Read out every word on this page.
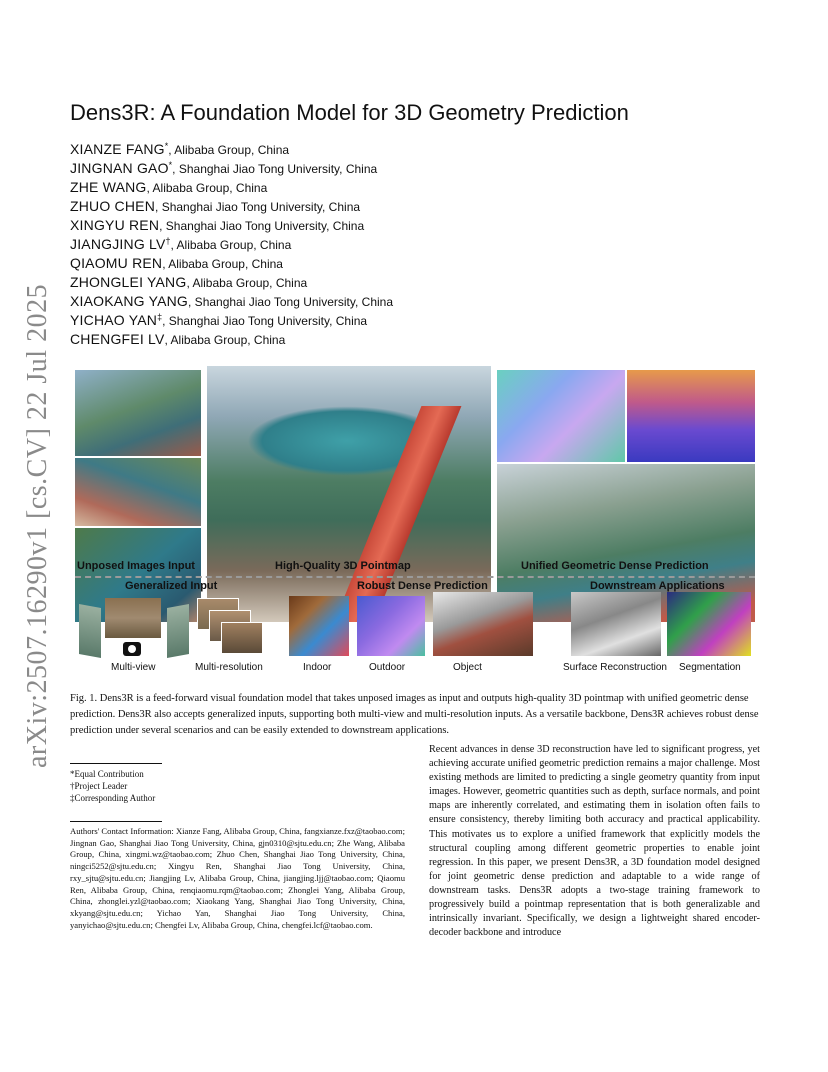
arXiv:2507.16290v1 [cs.CV] 22 Jul 2025
Dens3R: A Foundation Model for 3D Geometry Prediction
XIANZE FANG*, Alibaba Group, China
JINGNAN GAO*, Shanghai Jiao Tong University, China
ZHE WANG, Alibaba Group, China
ZHUO CHEN, Shanghai Jiao Tong University, China
XINGYU REN, Shanghai Jiao Tong University, China
JIANGJING LV†, Alibaba Group, China
QIAOMU REN, Alibaba Group, China
ZHONGLEI YANG, Alibaba Group, China
XIAOKANG YANG, Shanghai Jiao Tong University, China
YICHAO YAN‡, Shanghai Jiao Tong University, China
CHENGFEI LV, Alibaba Group, China
Unposed Images Input	High-Quality 3D Pointmap	Unified Geometric Dense Prediction
Generalized Input	Robust Dense Prediction	Downstream Applications
Multi-view	Multi-resolution	Indoor	Outdoor	Object	Surface Reconstruction Segmentation
Fig. 1. Dens3R is a feed-forward visual foundation model that takes unposed images as input and outputs high-quality 3D pointmap with unified geometric dense prediction. Dens3R also accepts generalized inputs, supporting both multi-view and multi-resolution inputs. As a versatile backbone, Dens3R achieves robust dense prediction under several scenarios and can be easily extended to downstream applications.
*Equal Contribution
†Project Leader
‡Corresponding Author
Authors' Contact Information: Xianze Fang, Alibaba Group, China, fangxianze.fxz@taobao.com; Jingnan Gao, Shanghai Jiao Tong University, China, gjn0310@sjtu.edu.cn; Zhe Wang, Alibaba Group, China, xingmi.wz@taobao.com; Zhuo Chen, Shanghai Jiao Tong University, China, ningci5252@sjtu.edu.cn; Xingyu Ren, Shanghai Jiao Tong University, China, rxy_sjtu@sjtu.edu.cn; Jiangjing Lv, Alibaba Group, China, jiangjing.ljj@taobao.com; Qiaomu Ren, Alibaba Group, China, renqiaomu.rqm@taobao.com; Zhonglei Yang, Alibaba Group, China, zhonglei.yzl@taobao.com; Xiaokang Yang, Shanghai Jiao Tong University, China, xkyang@sjtu.edu.cn; Yichao Yan, Shanghai Jiao Tong University, China, yanyichao@sjtu.edu.cn; Chengfei Lv, Alibaba Group, China, chengfei.lcf@taobao.com.
Recent advances in dense 3D reconstruction have led to significant progress, yet achieving accurate unified geometric prediction remains a major challenge. Most existing methods are limited to predicting a single geometry quantity from input images. However, geometric quantities such as depth, surface normals, and point maps are inherently correlated, and estimating them in isolation often fails to ensure consistency, thereby limiting both accuracy and practical applicability. This motivates us to explore a unified framework that explicitly models the structural coupling among different geometric properties to enable joint regression. In this paper, we present Dens3R, a 3D foundation model designed for joint geometric dense prediction and adaptable to a wide range of downstream tasks. Dens3R adopts a two-stage training framework to progressively build a pointmap representation that is both generalizable and intrinsically invariant. Specifically, we design a lightweight shared encoder-decoder backbone and introduce
